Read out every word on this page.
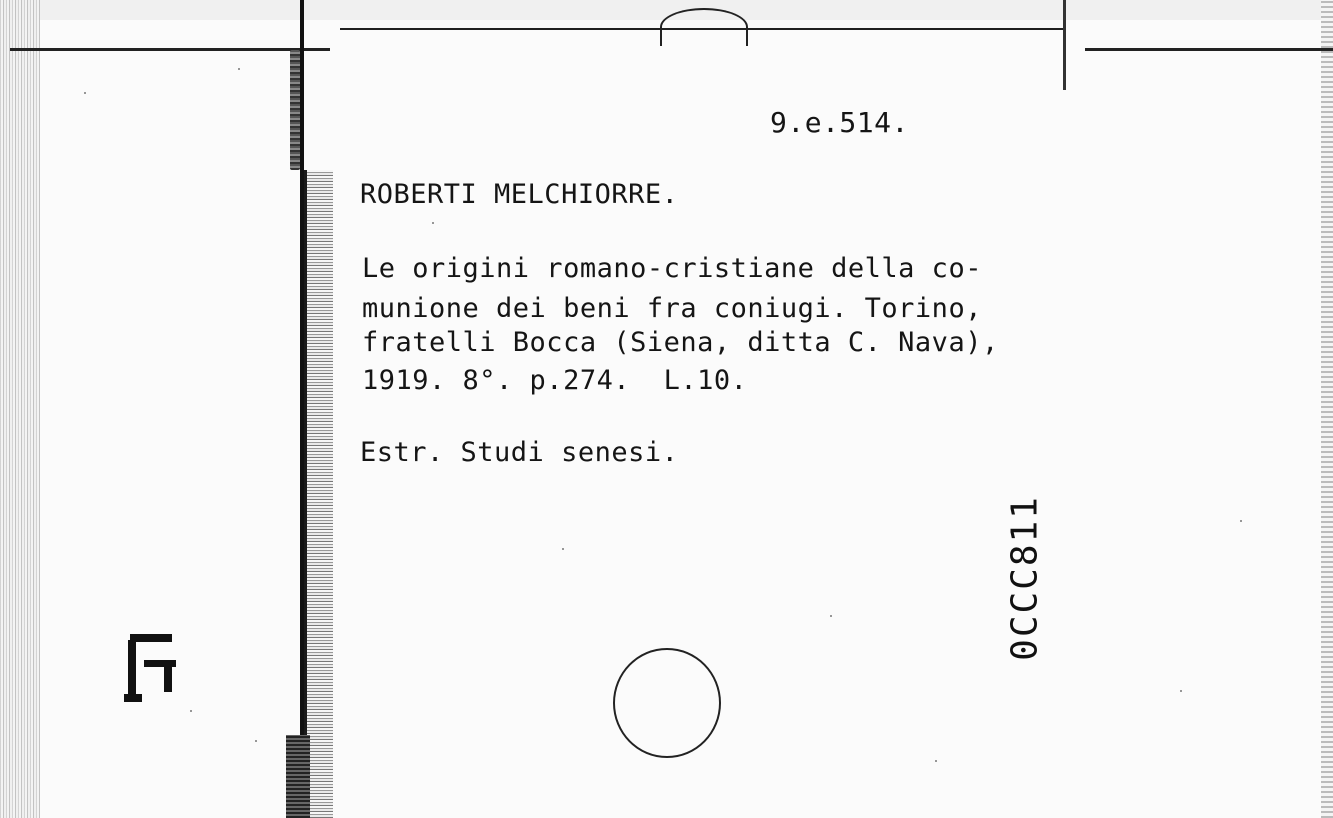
9.e.514.
ROBERTI MELCHIORRE.
Le origini romano-cristiane della co-
munione dei beni fra coniugi. Torino,
fratelli Bocca (Siena, ditta C. Nava),
1919. 8°. p.274.  L.10.
Estr. Studi senesi.
0CCC811
